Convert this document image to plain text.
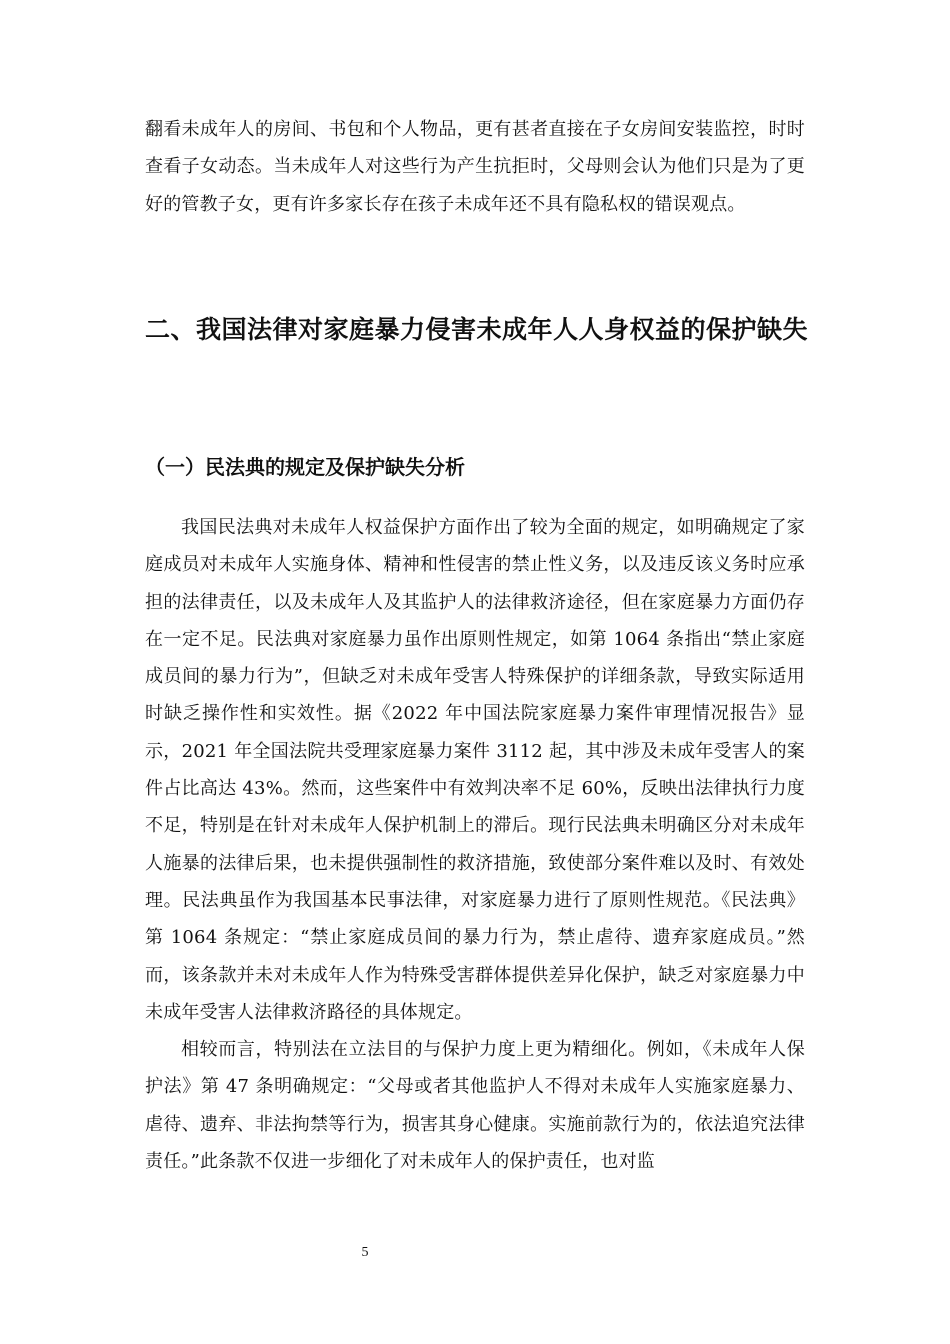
翻看未成年人的房间、书包和个人物品，更有甚者直接在子女房间安装监控，时时查看子女动态。当未成年人对这些行为产生抗拒时，父母则会认为他们只是为了更好的管教子女，更有许多家长存在孩子未成年还不具有隐私权的错误观点。

二、我国法律对家庭暴力侵害未成年人人身权益的保护缺失
（一）民法典的规定及保护缺失分析

我国民法典对未成年人权益保护方面作出了较为全面的规定，如明确规定了家庭成员对未成年人实施身体、精神和性侵害的禁止性义务，以及违反该义务时应承担的法律责任，以及未成年人及其监护人的法律救济途径，但在家庭暴力方面仍存在一定不足。民法典对家庭暴力虽作出原则性规定，如第 1064 条指出“禁止家庭成员间的暴力行为”，但缺乏对未成年受害人特殊保护的详细条款，导致实际适用时缺乏操作性和实效性。据《2022 年中国法院家庭暴力案件审理情况报告》显示，2021 年全国法院共受理家庭暴力案件 3112 起，其中涉及未成年受害人的案件占比高达 43%。然而，这些案件中有效判决率不足 60%，反映出法律执行力度不足，特别是在针对未成年人保护机制上的滞后。现行民法典未明确区分对未成年人施暴的法律后果，也未提供强制性的救济措施，致使部分案件难以及时、有效处理。民法典虽作为我国基本民事法律，对家庭暴力进行了原则性规范。《民法典》第 1064 条规定：“禁止家庭成员间的暴力行为，禁止虐待、遗弃家庭成员。”然而，该条款并未对未成年人作为特殊受害群体提供差异化保护，缺乏对家庭暴力中未成年受害人法律救济路径的具体规定。

相较而言，特别法在立法目的与保护力度上更为精细化。例如，《未成年人保护法》第 47 条明确规定：“父母或者其他监护人不得对未成年人实施家庭暴力、虐待、遗弃、非法拘禁等行为，损害其身心健康。实施前款行为的，依法追究法律责任。”此条款不仅进一步细化了对未成年人的保护责任，也对监

5
